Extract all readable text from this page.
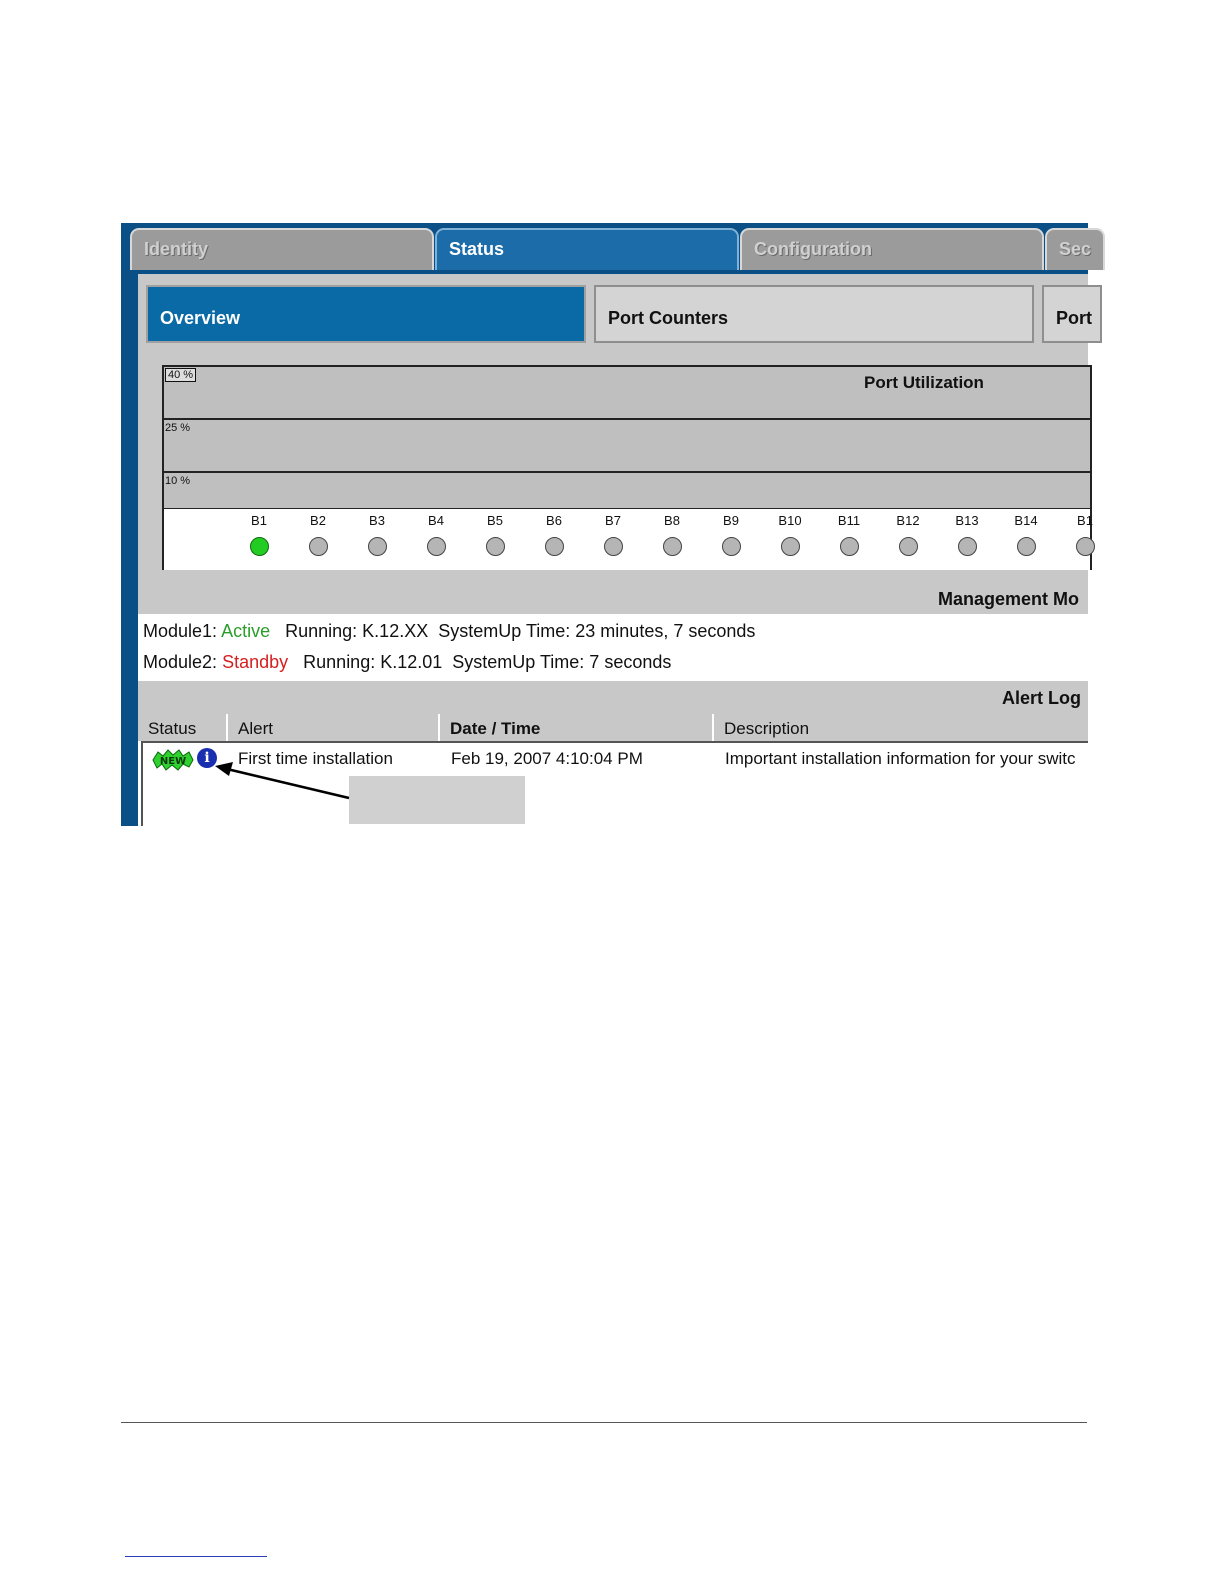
Identity	Status	Configuration	Sec
Overview	Port Counters	Port
40 %	Port Utilization
25 %
10 %
B1	B2	B3	B4	B5	B6	B7	B8	B9	B10	B11	B12	B13	B14	B1
Management Mo
Module1: Active Running: K.12.XX SystemUp Time: 23 minutes, 7 seconds
Module2: Standby Running: K.12.01 SystemUp Time: 7 seconds
Alert Log
Status	Alert	Date / Time	Description
NEW	i	First time installation	Feb 19, 2007 4:10:04 PM	Important installation information for your switc
